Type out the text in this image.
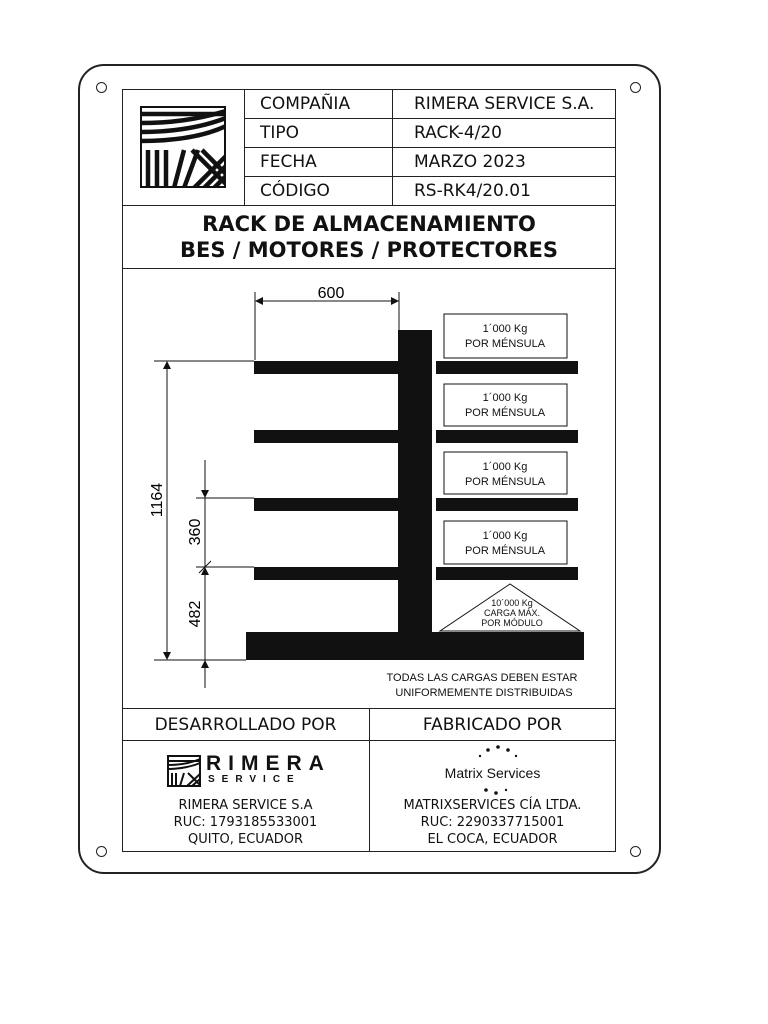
COMPAÑIA	RIMERA SERVICE S.A.
TIPO	RACK-4/20
FECHA	MARZO 2023
CÓDIGO	RS-RK4/20.01
RACK DE ALMACENAMIENTO
BES / MOTORES / PROTECTORES
600
1164
360
482
1´000 Kg
POR MÉNSULA
1´000 Kg
POR MÉNSULA
1´000 Kg
POR MÉNSULA
1´000 Kg
POR MÉNSULA
10´000 Kg
CARGA MÁX.
POR MÓDULO
TODAS LAS CARGAS DEBEN ESTAR
UNIFORMEMENTE DISTRIBUIDAS
DESARROLLADO POR	FABRICADO POR
RIMERA
SERVICE
RIMERA SERVICE S.A
RUC: 1793185533001
QUITO, ECUADOR
Matrix Services
MATRIXSERVICES CÍA LTDA.
RUC: 2290337715001
EL COCA, ECUADOR
